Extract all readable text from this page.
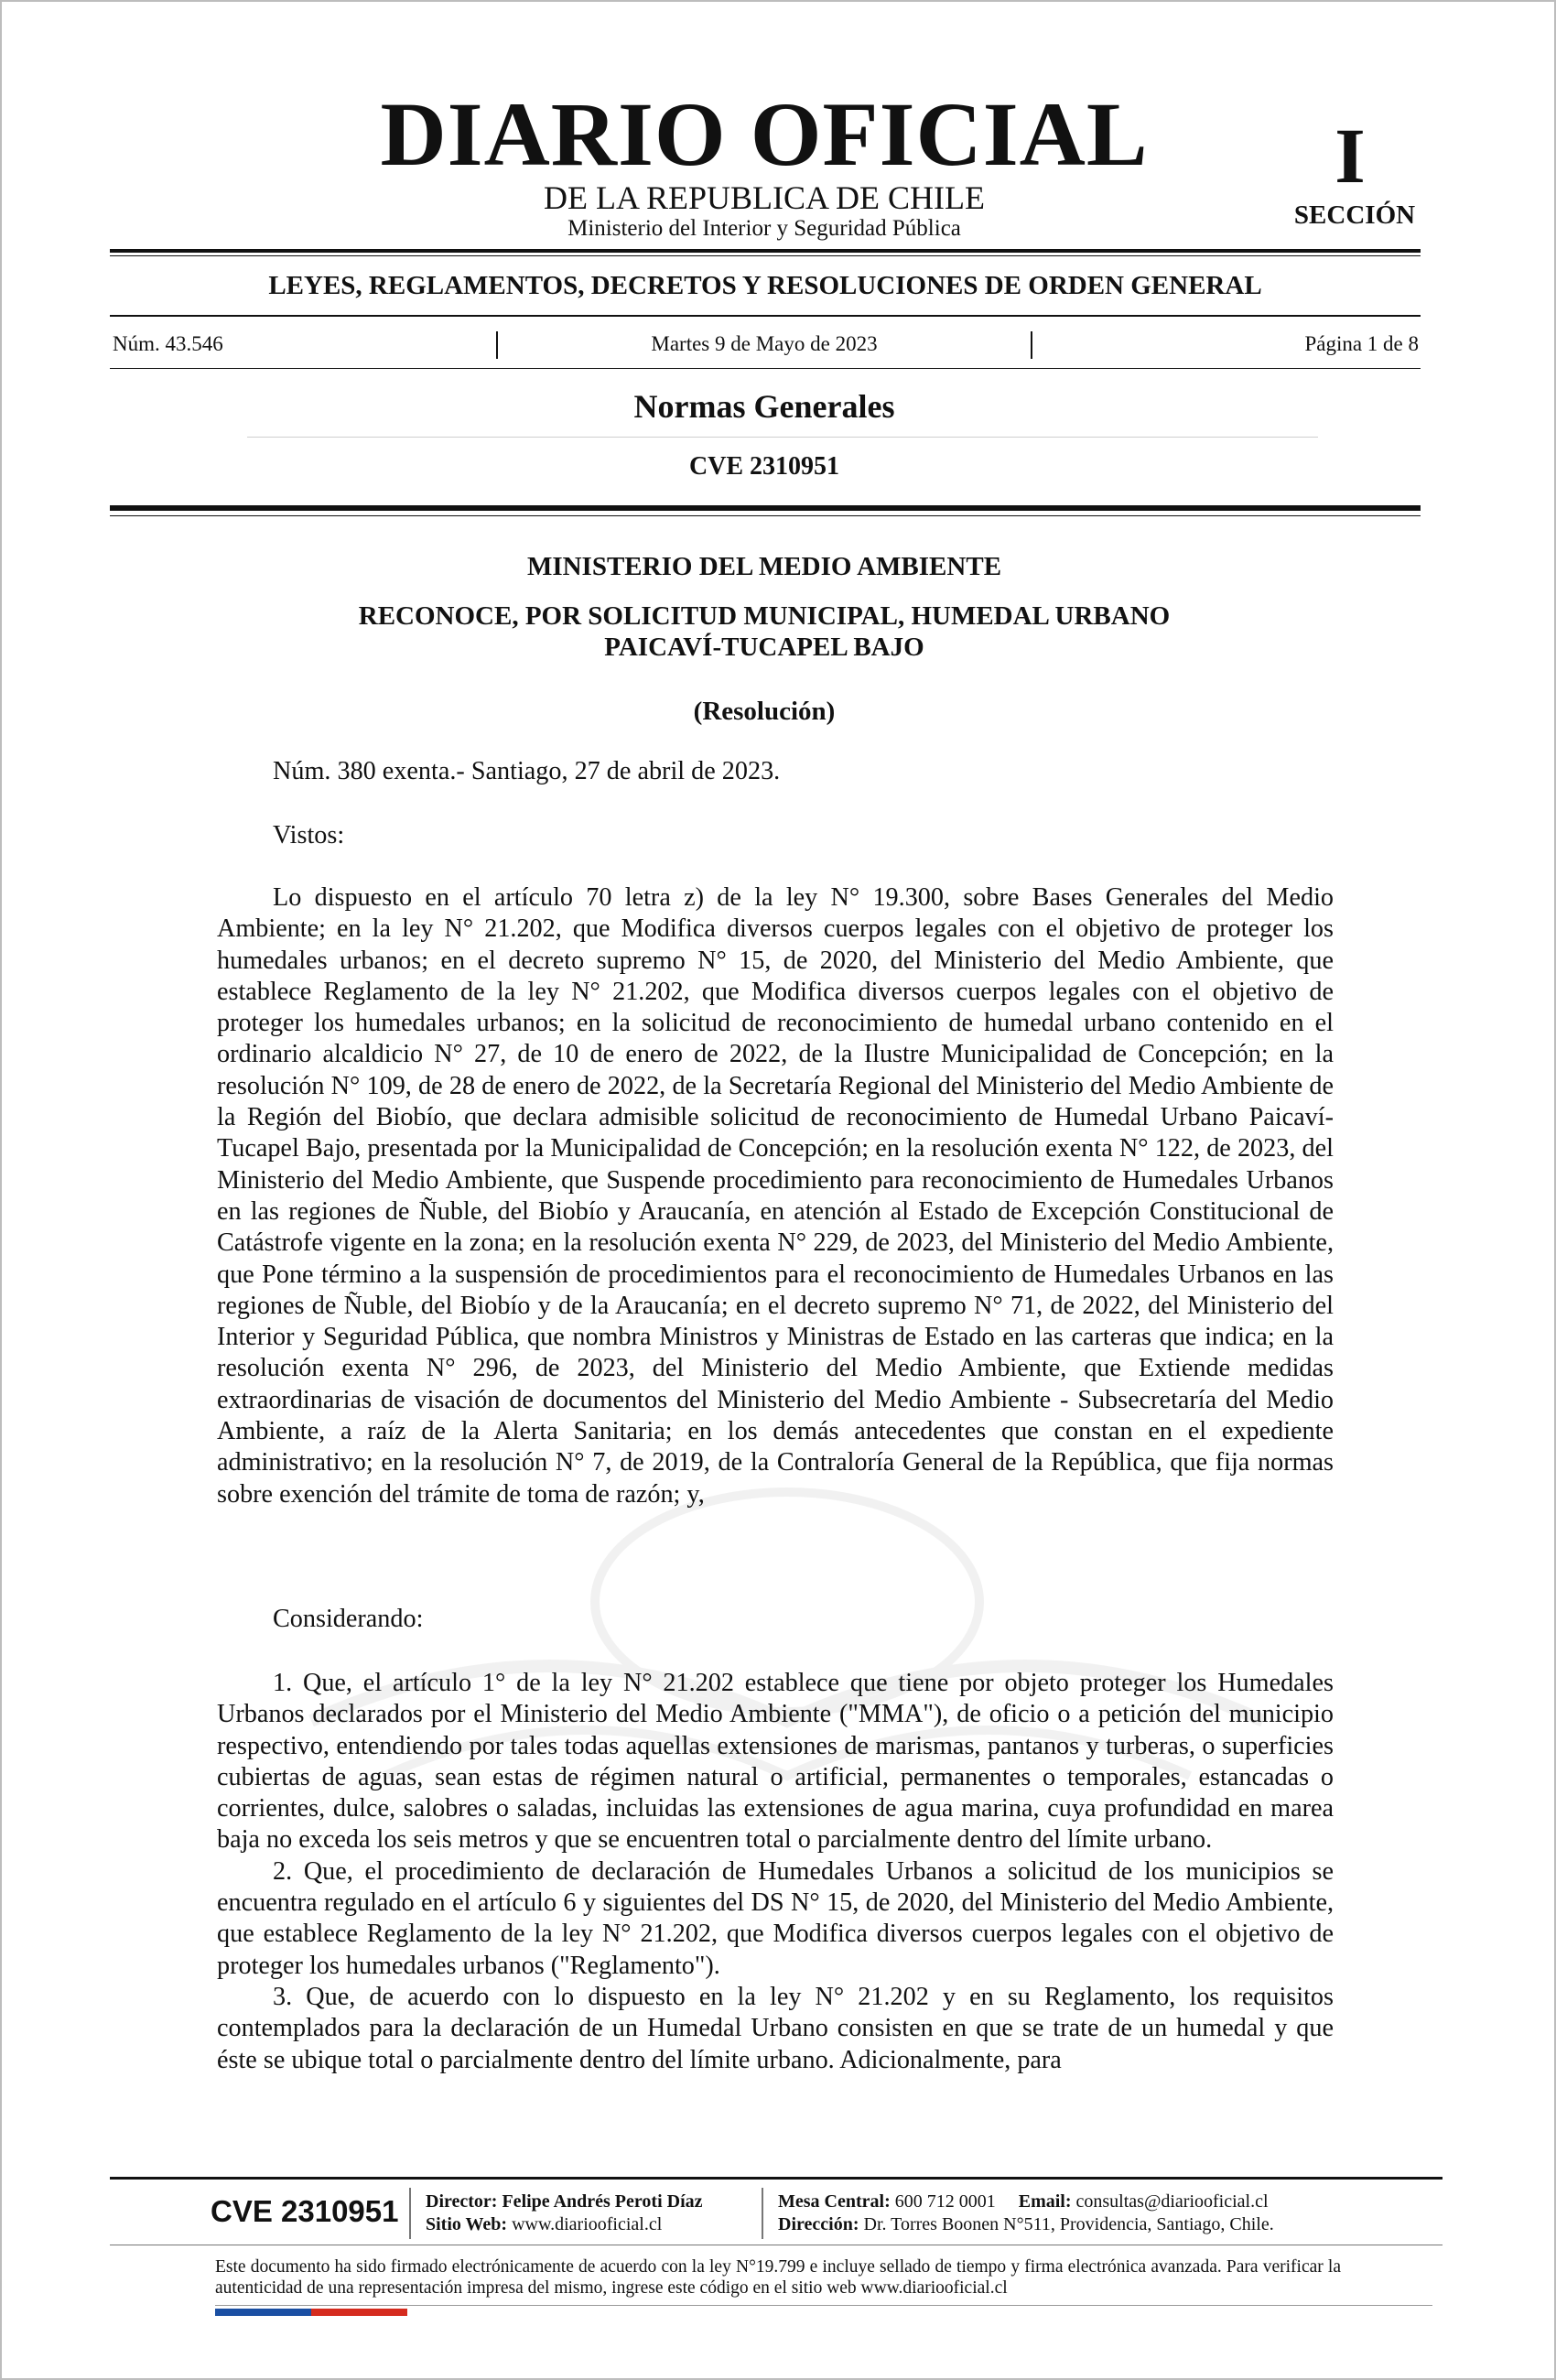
DIARIO OFICIAL
DE LA REPUBLICA DE CHILE
Ministerio del Interior y Seguridad Pública
I
SECCIÓN
LEYES, REGLAMENTOS, DECRETOS Y RESOLUCIONES DE ORDEN GENERAL
Núm. 43.546	Martes 9 de Mayo de 2023	Página 1 de 8
Normas Generales
CVE 2310951
MINISTERIO DEL MEDIO AMBIENTE
RECONOCE, POR SOLICITUD MUNICIPAL, HUMEDAL URBANO
PAICAVÍ-TUCAPEL BAJO
(Resolución)
Núm. 380 exenta.- Santiago, 27 de abril de 2023.
Vistos:

Lo dispuesto en el artículo 70 letra z) de la ley N° 19.300, sobre Bases Generales del Medio Ambiente; en la ley N° 21.202, que Modifica diversos cuerpos legales con el objetivo de proteger los humedales urbanos; en el decreto supremo N° 15, de 2020, del Ministerio del Medio Ambiente, que establece Reglamento de la ley N° 21.202, que Modifica diversos cuerpos legales con el objetivo de proteger los humedales urbanos; en la solicitud de reconocimiento de humedal urbano contenido en el ordinario alcaldicio N° 27, de 10 de enero de 2022, de la Ilustre Municipalidad de Concepción; en la resolución N° 109, de 28 de enero de 2022, de la Secretaría Regional del Ministerio del Medio Ambiente de la Región del Biobío, que declara admisible solicitud de reconocimiento de Humedal Urbano Paicaví-Tucapel Bajo, presentada por la Municipalidad de Concepción; en la resolución exenta N° 122, de 2023, del Ministerio del Medio Ambiente, que Suspende procedimiento para reconocimiento de Humedales Urbanos en las regiones de Ñuble, del Biobío y Araucanía, en atención al Estado de Excepción Constitucional de Catástrofe vigente en la zona; en la resolución exenta N° 229, de 2023, del Ministerio del Medio Ambiente, que Pone término a la suspensión de procedimientos para el reconocimiento de Humedales Urbanos en las regiones de Ñuble, del Biobío y de la Araucanía; en el decreto supremo N° 71, de 2022, del Ministerio del Interior y Seguridad Pública, que nombra Ministros y Ministras de Estado en las carteras que indica; en la resolución exenta N° 296, de 2023, del Ministerio del Medio Ambiente, que Extiende medidas extraordinarias de visación de documentos del Ministerio del Medio Ambiente - Subsecretaría del Medio Ambiente, a raíz de la Alerta Sanitaria; en los demás antecedentes que constan en el expediente administrativo; en la resolución N° 7, de 2019, de la Contraloría General de la República, que fija normas sobre exención del trámite de toma de razón; y,

Considerando:

1. Que, el artículo 1° de la ley N° 21.202 establece que tiene por objeto proteger los Humedales Urbanos declarados por el Ministerio del Medio Ambiente ("MMA"), de oficio o a petición del municipio respectivo, entendiendo por tales todas aquellas extensiones de marismas, pantanos y turberas, o superficies cubiertas de aguas, sean estas de régimen natural o artificial, permanentes o temporales, estancadas o corrientes, dulce, salobres o saladas, incluidas las extensiones de agua marina, cuya profundidad en marea baja no exceda los seis metros y que se encuentren total o parcialmente dentro del límite urbano.

2. Que, el procedimiento de declaración de Humedales Urbanos a solicitud de los municipios se encuentra regulado en el artículo 6 y siguientes del DS N° 15, de 2020, del Ministerio del Medio Ambiente, que establece Reglamento de la ley N° 21.202, que Modifica diversos cuerpos legales con el objetivo de proteger los humedales urbanos ("Reglamento").

3. Que, de acuerdo con lo dispuesto en la ley N° 21.202 y en su Reglamento, los requisitos contemplados para la declaración de un Humedal Urbano consisten en que se trate de un humedal y que éste se ubique total o parcialmente dentro del límite urbano. Adicionalmente, para

CVE 2310951 Director: Felipe Andrés Peroti Díaz
Sitio Web: www.diariooficial.cl
Mesa Central: 600 712 0001 Email: consultas@diariooficial.cl
Dirección: Dr. Torres Boonen N°511, Providencia, Santiago, Chile.
Este documento ha sido firmado electrónicamente de acuerdo con la ley N°19.799 e incluye sellado de tiempo y firma electrónica avanzada. Para verificar la autenticidad de una representación impresa del mismo, ingrese este código en el sitio web www.diariooficial.cl
